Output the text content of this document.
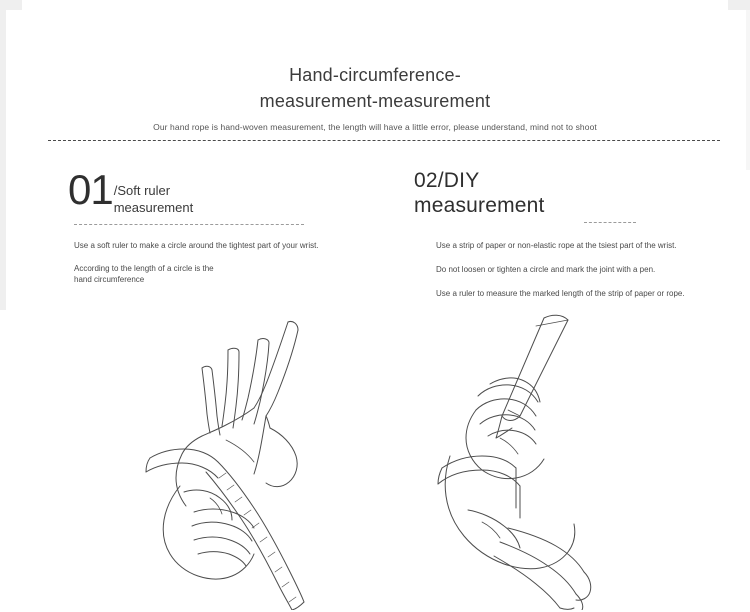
Hand-circumference-
measurement-measurement
Our hand rope is hand-woven measurement, the length will have a little error, please understand, mind not to shoot
01 /Soft ruler
measurement
Use a soft ruler to make a circle around the tightest part of your wrist.
According to the length of a circle is the hand circumference
02/DIY
measurement
Use a strip of paper or non-elastic rope at the tsiest part of the wrist.
Do not loosen or tighten a circle and mark the joint with a pen.
Use a ruler to measure the marked length of the strip of paper or rope.
